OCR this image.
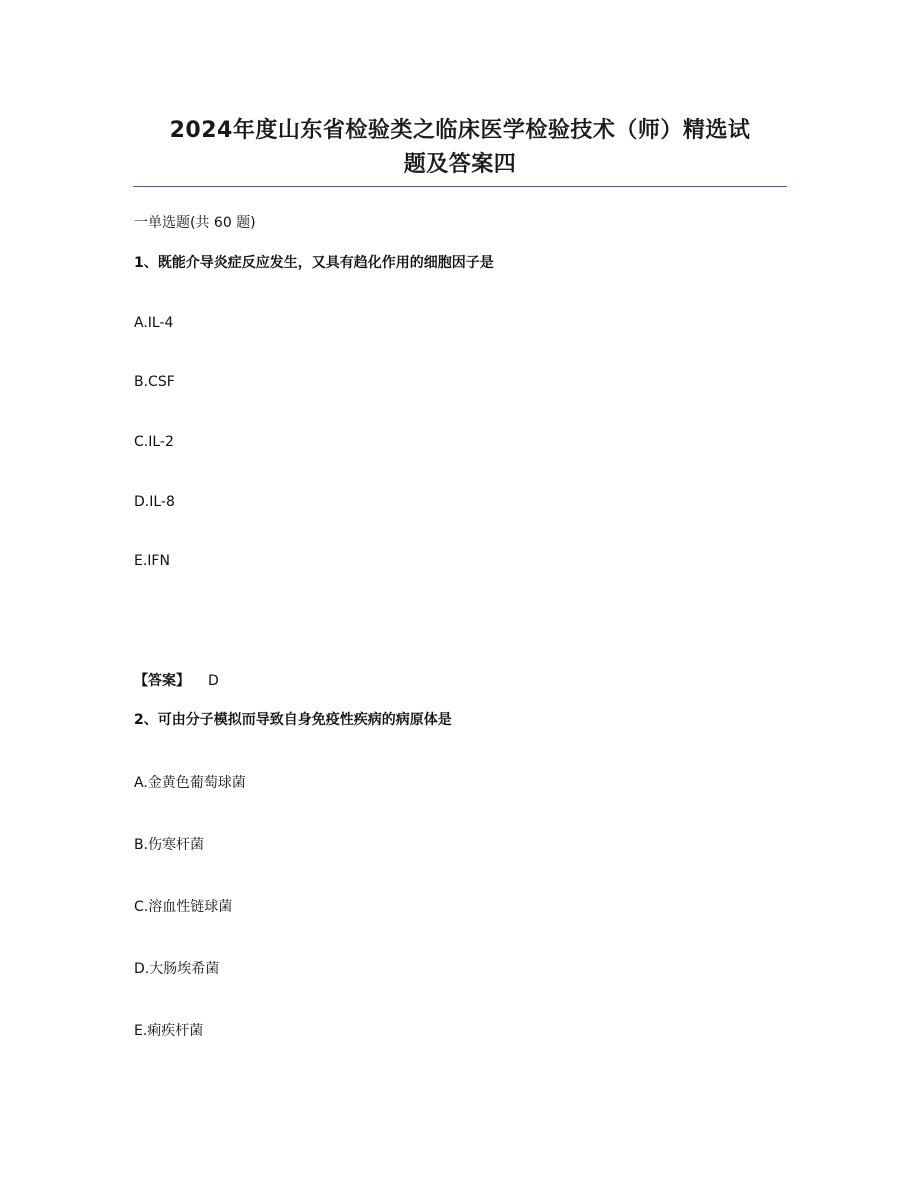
2024年度山东省检验类之临床医学检验技术（师）精选试
题及答案四
一单选题(共 60 题)
1、既能介导炎症反应发生，又具有趋化作用的细胞因子是
A.IL-4
B.CSF
C.IL-2
D.IL-8
E.IFN
【答案】 D
2、可由分子模拟而导致自身免疫性疾病的病原体是
A.金黄色葡萄球菌
B.伤寒杆菌
C.溶血性链球菌
D.大肠埃希菌
E.痢疾杆菌
